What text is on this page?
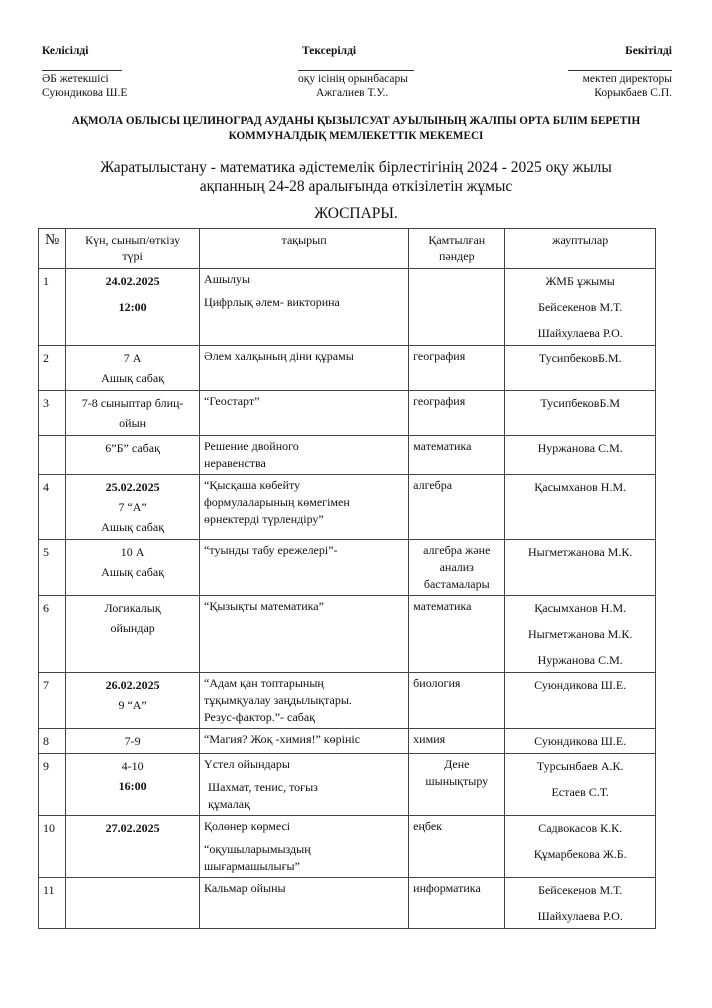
Келісілді
ӘБ жетекшісі
Суюндикова Ш.Е
Тексерілді
оқу ісінің орынбасары
Ажгалиев Т.У..
Бекітілді
мектеп директоры
Корыкбаев С.П.
АҚМОЛА ОБЛЫСЫ ЦЕЛИНОГРАД АУДАНЫ ҚЫЗЫЛСУАТ АУЫЛЫНЫҢ ЖАЛПЫ ОРТА БІЛІМ БЕРЕТІН
КОММУНАЛДЫҚ МЕМЛЕКЕТТІК МЕКЕМЕСІ
Жаратылыстану - математика әдістемелік бірлестігінің 2024 - 2025 оқу жылы
ақпанның 24-28 аралығында өткізілетін жұмыс
ЖОСПАРЫ.
№	Күн, сынып/өткізу
түрі	тақырып	Қамтылған
пәндер	жауптылар
1	24.02.2025
12:00	Ашылуы
Цифрлық әлем- викторина		ЖМБ ұжымы
Бейсекенов М.Т.
Шайхулаева Р.О.

2	7 А
Ашық сабақ	Әлем халқының діни құрамы	география	ТусипбековБ.М.

3	7-8 сыныптар блиц-
ойын	“Геостарт”	география	ТусипбековБ.М

	6”Б” сабақ	Решение двойного
неравенства	математика	Нуржанова С.М.

4	25.02.2025
7 “А”
Ашық сабақ	“Қысқаша көбейту
формулаларының көмегімен
өрнектерді түрлендіру”	алгебра	Қасымханов Н.М.

5	10 А
Ашық сабақ	“туынды табу ережелері”-	алгебра және анализ бастамалары	Ныгметжанова М.К.

6	Логикалық
ойындар	“Қызықты математика”	математика	Қасымханов Н.М.
Ныгметжанова М.К.
Нуржанова С.М.

7	26.02.2025
9 “А”	“Адам қан топтарының
тұқымқуалау заңдылықтары.
Резус-фактор.”- сабақ	биология	Суюндикова Ш.Е.

8	7-9	“Магия? Жоқ -химия!” көрініс	химия	Суюндикова Ш.Е.

9	4-10
16:00	Үстел ойындары
Шахмат, тенис, тоғыз
құмалақ	Дене шынықтыру	Турсынбаев А.К.
Естаев С.Т.

10	27.02.2025	Қолөнер көрмесі
“оқушыларымыздың
шығармашылығы”	еңбек	Садвокасов К.К.
Құмарбекова Ж.Б.

11		Кальмар ойыны	информатика	Бейсекенов М.Т.
Шайхулаева Р.О.
